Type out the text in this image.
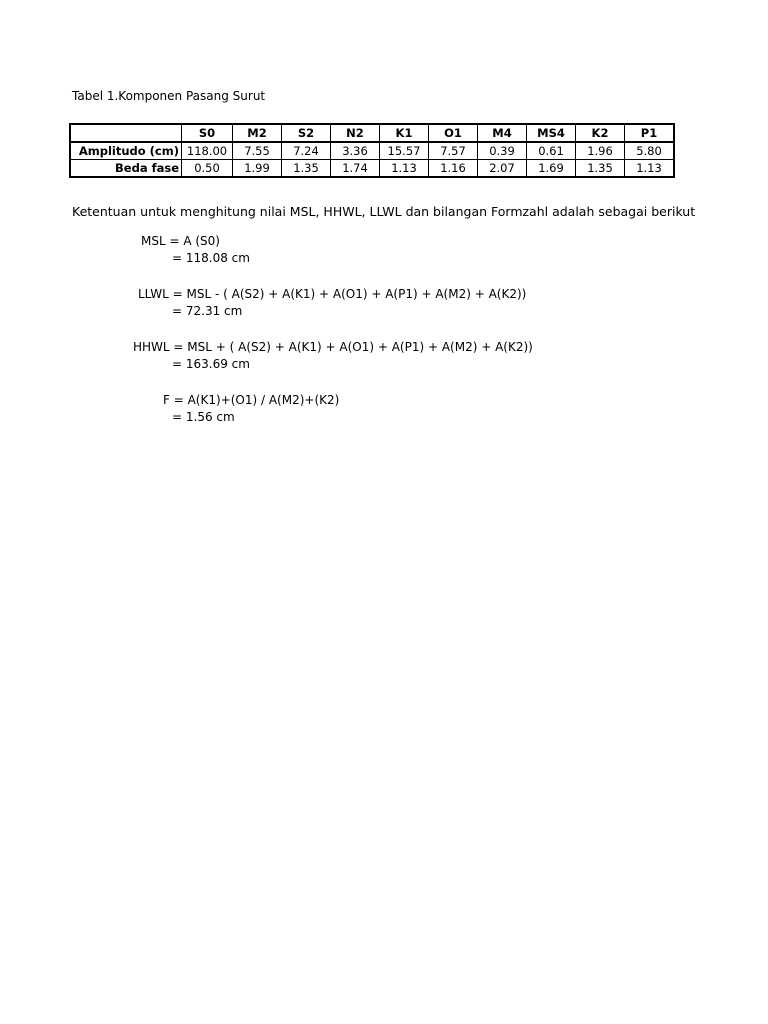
Tabel 1.Komponen Pasang Surut
	S0	M2	S2	N2	K1	O1	M4	MS4	K2	P1
Amplitudo (cm)	118.00	7.55	7.24	3.36	15.57	7.57	0.39	0.61	1.96	5.80
Beda fase	0.50	1.99	1.35	1.74	1.13	1.16	2.07	1.69	1.35	1.13
Ketentuan untuk menghitung nilai MSL, HHWL, LLWL dan bilangan Formzahl adalah sebagai berikut
MSL = A (S0)
= 118.08 cm
LLWL = MSL - ( A(S2) + A(K1) + A(O1) + A(P1) + A(M2) + A(K2))
= 72.31 cm
HHWL = MSL + ( A(S2) + A(K1) + A(O1) + A(P1) + A(M2) + A(K2))
= 163.69 cm
F = A(K1)+(O1) / A(M2)+(K2)
= 1.56 cm
